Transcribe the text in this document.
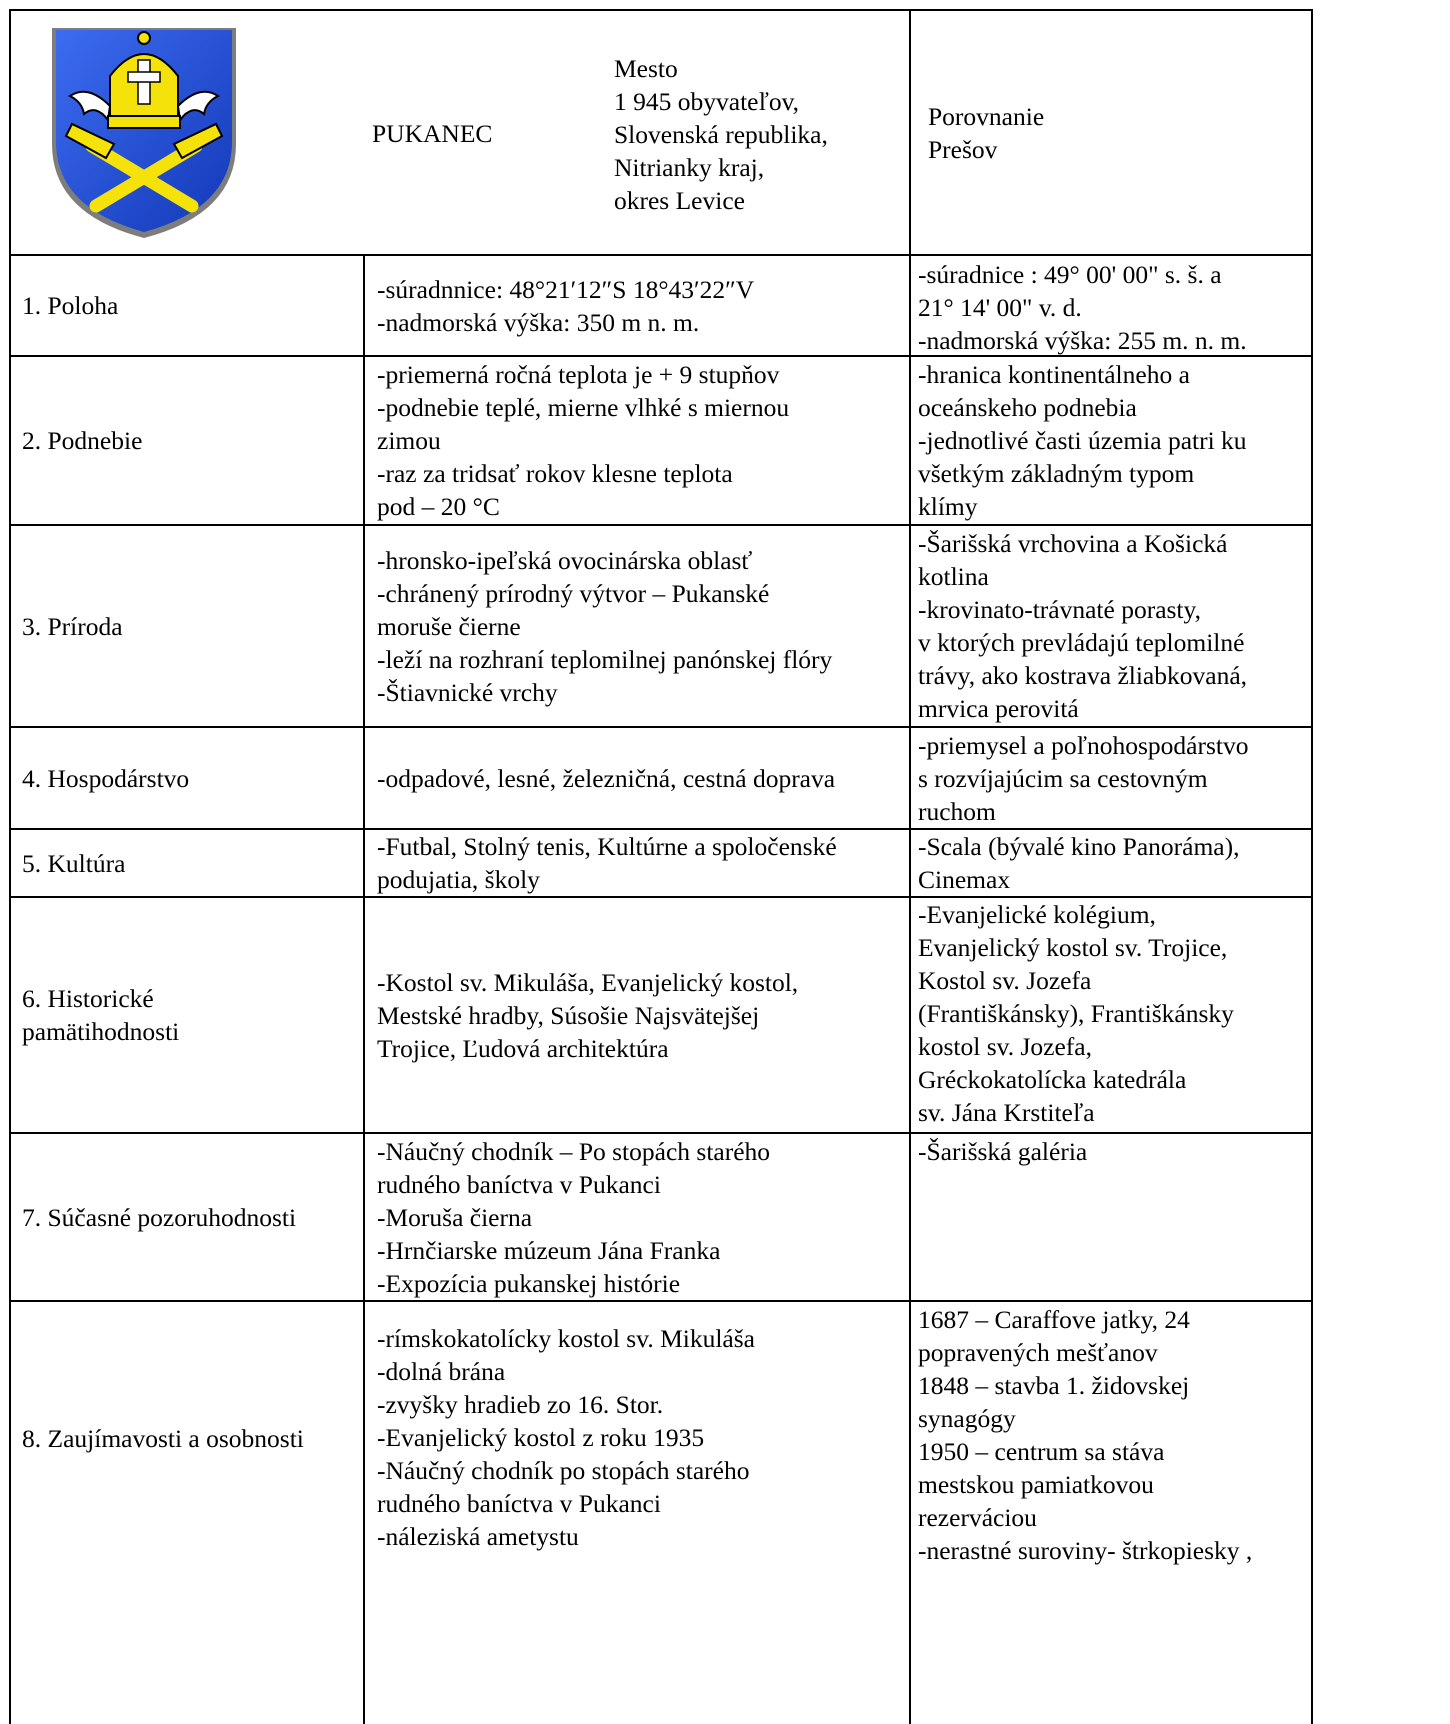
PUKANEC
Mesto
1 945 obyvateľov,
Slovenská republika,
Nitrianky kraj,
okres Levice
Porovnanie
Prešov
1. Poloha
-súradnnice: 48°21′12″S 18°43′22″V
-nadmorská výška: 350 m n. m.
-súradnice : 49° 00' 00" s. š. a
21° 14' 00" v. d.
-nadmorská výška: 255 m. n. m.
2. Podnebie
-priemerná ročná teplota je + 9 stupňov
-podnebie teplé, mierne vlhké s miernou
zimou
-raz za tridsať rokov klesne teplota
pod – 20 °C
-hranica kontinentálneho a
oceánskeho podnebia
-jednotlivé časti územia patri ku
všetkým základným typom
klímy
3. Príroda
-hronsko-ipeľská ovocinárska oblasť
-chránený prírodný výtvor – Pukanské
moruše čierne
-leží na rozhraní teplomilnej panónskej flóry
-Štiavnické vrchy
-Šarišská vrchovina a Košická
kotlina
-krovinato-trávnaté porasty,
v ktorých prevládajú teplomilné
trávy, ako kostrava žliabkovaná,
mrvica perovitá
4. Hospodárstvo	-odpadové, lesné, železničná, cestná doprava
-priemysel a poľnohospodárstvo
s rozvíjajúcim sa cestovným
ruchom
5. Kultúra
-Futbal, Stolný tenis, Kultúrne a spoločenské
podujatia, školy
-Scala (bývalé kino Panoráma),
Cinemax
6. Historické
pamätihodnosti
-Kostol sv. Mikuláša, Evanjelický kostol,
Mestské hradby, Súsošie Najsvätejšej
Trojice, Ľudová architektúra
-Evanjelické kolégium,
Evanjelický kostol sv. Trojice,
Kostol sv. Jozefa
(Františkánsky), Františkánsky
kostol sv. Jozefa,
Gréckokatolícka katedrála
sv. Jána Krstiteľa
7. Súčasné pozoruhodnosti
-Náučný chodník – Po stopách starého
rudného baníctva v Pukanci
-Moruša čierna
-Hrnčiarske múzeum Jána Franka
-Expozícia pukanskej histórie
-Šarišská galéria
8. Zaujímavosti a osobnosti
-rímskokatolícky kostol sv. Mikuláša
-dolná brána
-zvyšky hradieb zo 16. Stor.
-Evanjelický kostol z roku 1935
-Náučný chodník po stopách starého
rudného baníctva v Pukanci
-náleziská ametystu
1687 – Caraffove jatky, 24
popravených mešťanov
1848 – stavba 1. židovskej
synagógy
1950 – centrum sa stáva
mestskou pamiatkovou
rezerváciou
-nerastné suroviny- štrkopiesky ,
